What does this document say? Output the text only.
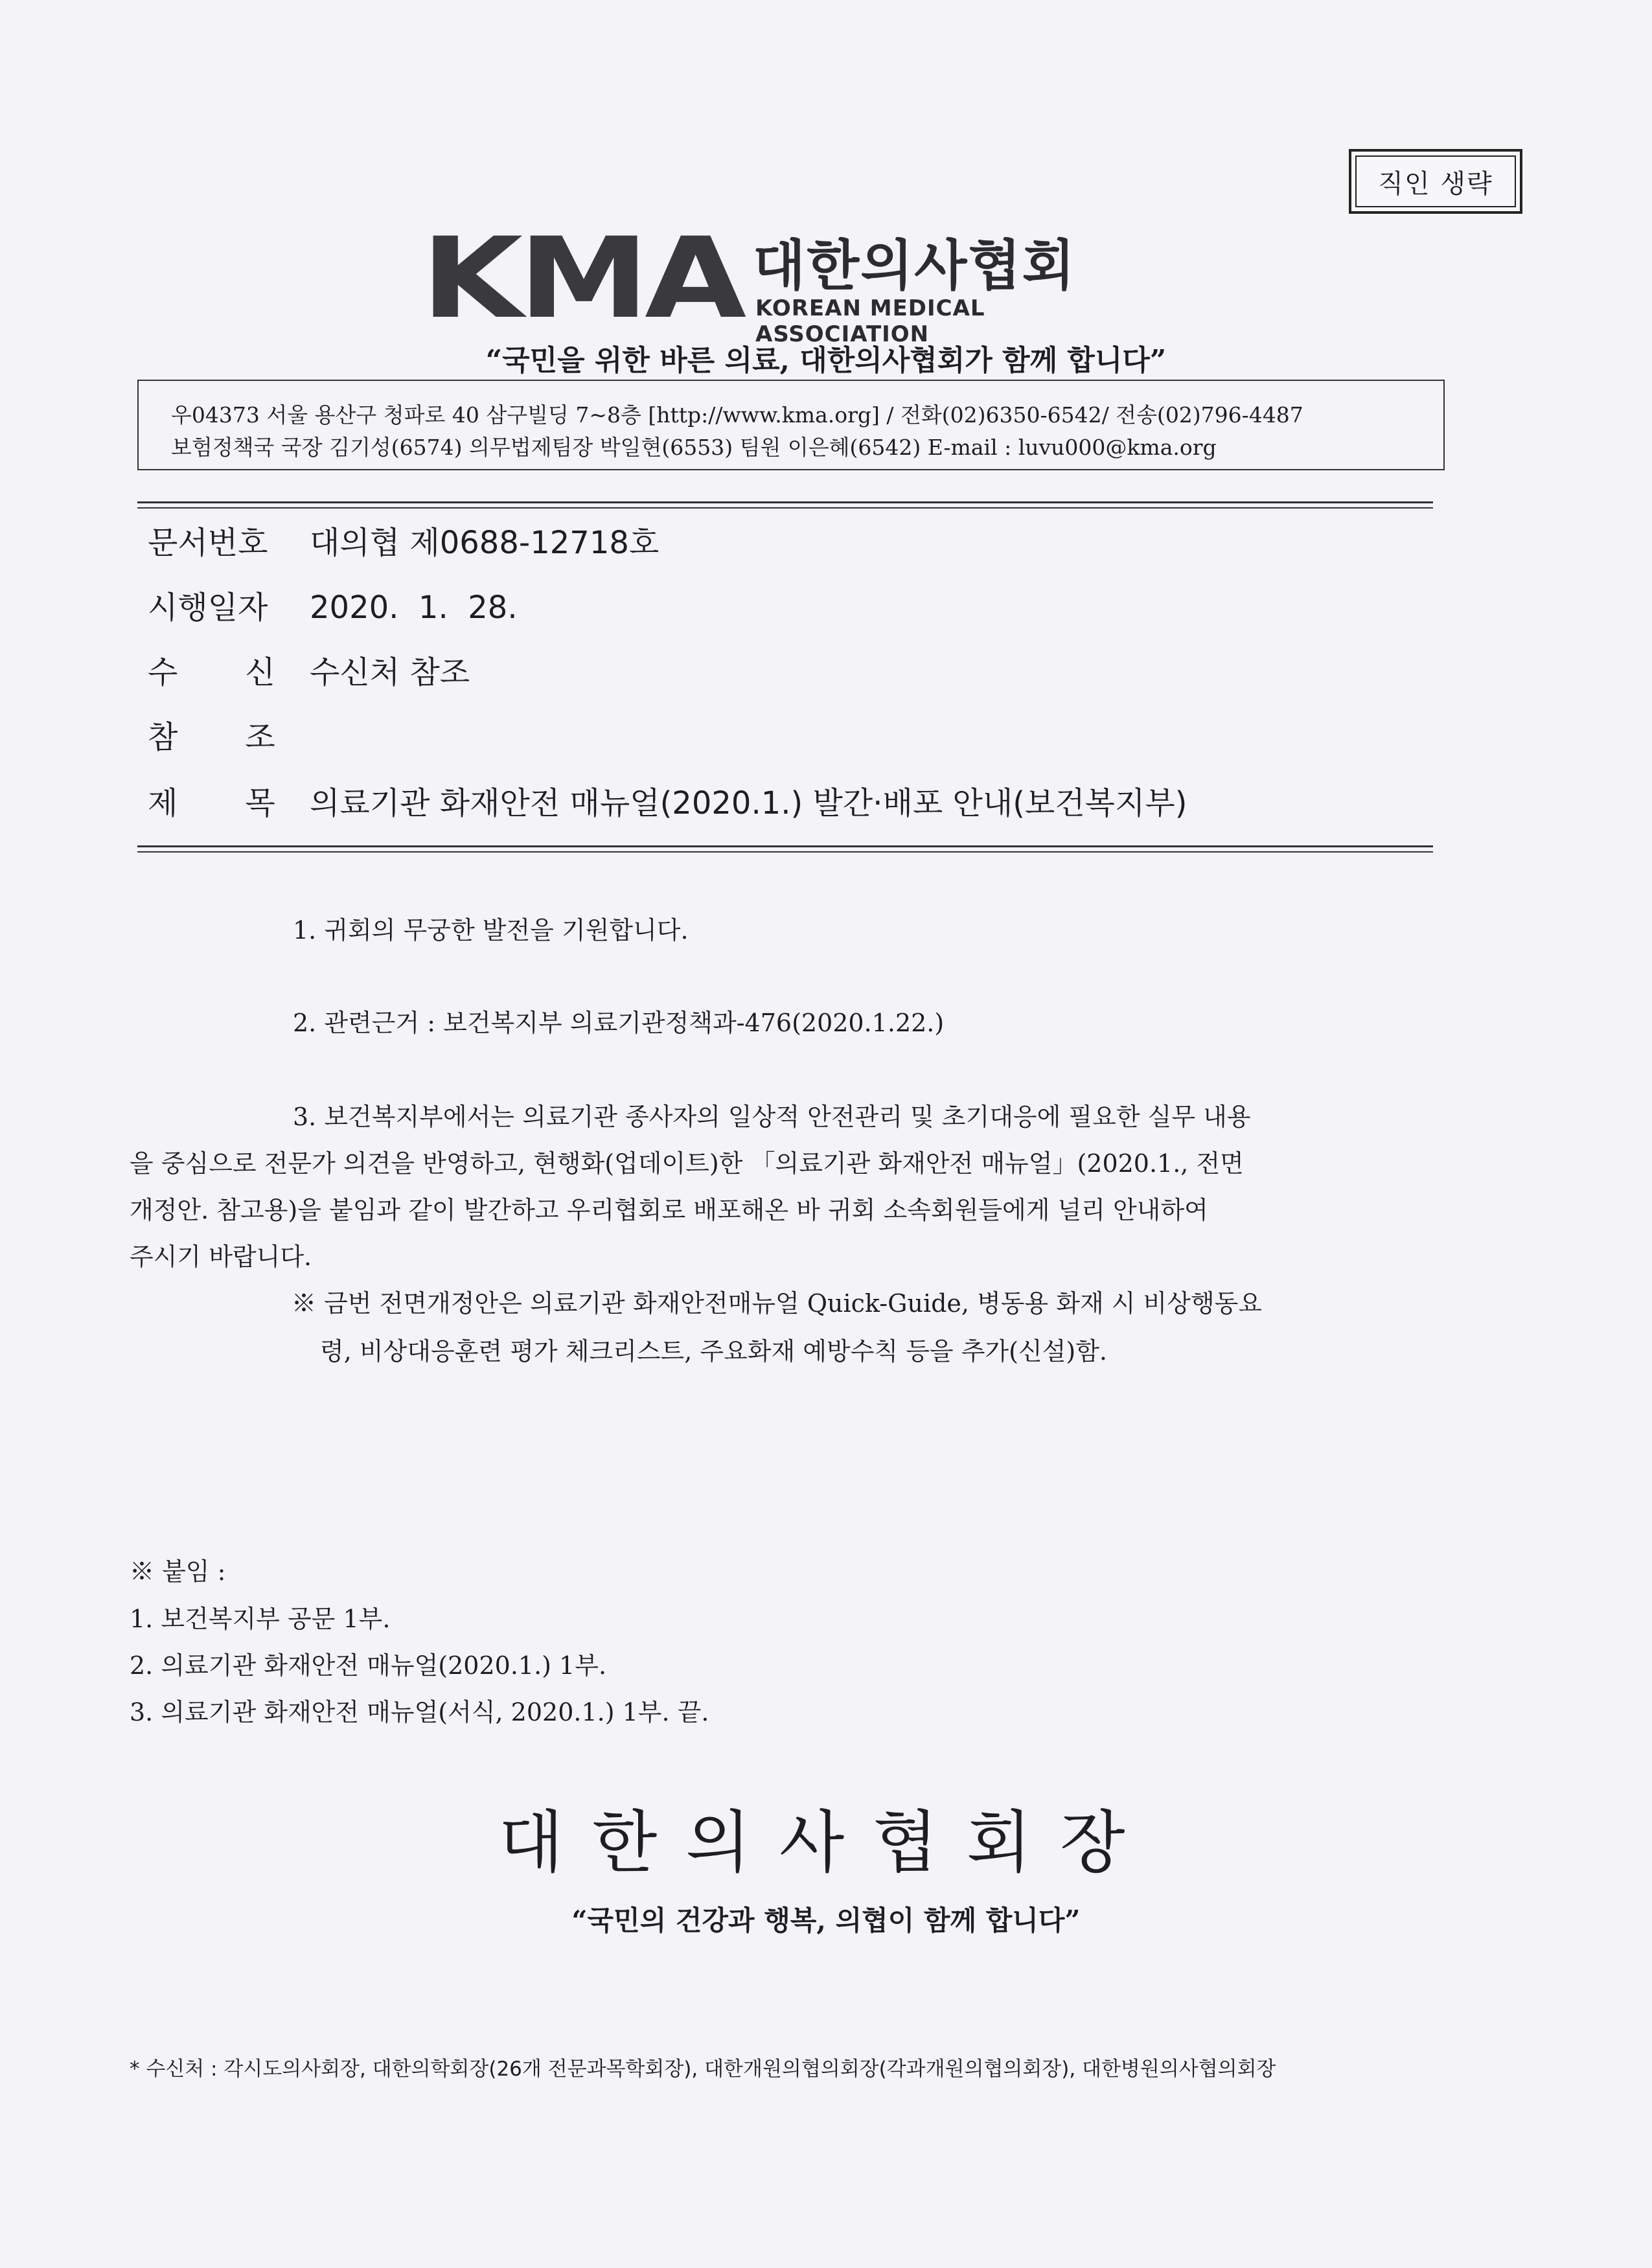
직인 생략
KMA 대한의사협회
KOREAN MEDICAL ASSOCIATION
“국민을 위한 바른 의료, 대한의사협회가 함께 합니다”
우04373 서울 용산구 청파로 40 삼구빌딩 7~8층 [http://www.kma.org] / 전화(02)6350-6542/ 전송(02)796-4487
보험정책국 국장 김기성(6574) 의무법제팀장 박일현(6553) 팀원 이은혜(6542) E-mail : luvu000@kma.org
문서번호 대의협 제0688-12718호
시행일자 2020.  1.  28.
수신수신처 참조
참조
제목의료기관 화재안전 매뉴얼(2020.1.) 발간·배포 안내(보건복지부)
1. 귀회의 무궁한 발전을 기원합니다.
2. 관련근거 : 보건복지부 의료기관정책과-476(2020.1.22.)
3. 보건복지부에서는 의료기관 종사자의 일상적 안전관리 및 초기대응에 필요한 실무 내용
을 중심으로 전문가 의견을 반영하고, 현행화(업데이트)한 「의료기관 화재안전 매뉴얼」(2020.1., 전면
개정안. 참고용)을 붙임과 같이 발간하고 우리협회로 배포해온 바 귀회 소속회원들에게 널리 안내하여
주시기 바랍니다.
※ 금번 전면개정안은 의료기관 화재안전매뉴얼 Quick-Guide, 병동용 화재 시 비상행동요
령, 비상대응훈련 평가 체크리스트, 주요화재 예방수칙 등을 추가(신설)함.
※ 붙임 :
1. 보건복지부 공문 1부.
2. 의료기관 화재안전 매뉴얼(2020.1.) 1부.
3. 의료기관 화재안전 매뉴얼(서식, 2020.1.) 1부. 끝.
대한의사협회장
“국민의 건강과 행복, 의협이 함께 합니다”
* 수신처 : 각시도의사회장, 대한의학회장(26개 전문과목학회장), 대한개원의협의회장(각과개원의협의회장), 대한병원의사협의회장
